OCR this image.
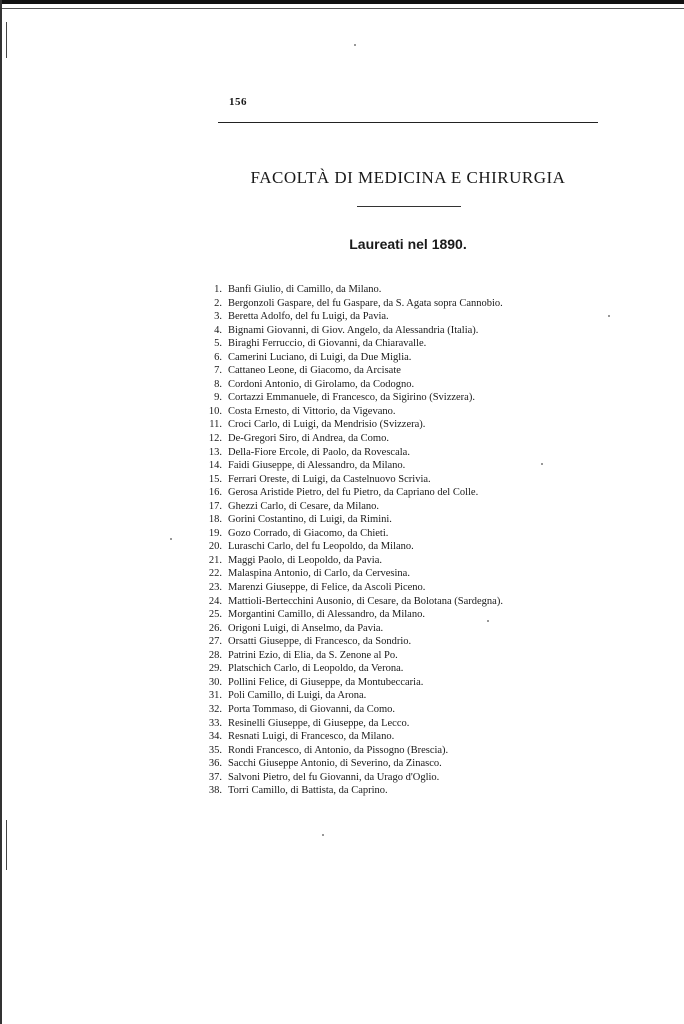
156
FACOLTÀ DI MEDICINA E CHIRURGIA
Laureati nel 1890.
1. Banfi Giulio, di Camillo, da Milano.
2. Bergonzoli Gaspare, del fu Gaspare, da S. Agata sopra Cannobio.
3. Beretta Adolfo, del fu Luigi, da Pavia.
4. Bignami Giovanni, di Giov. Angelo, da Alessandria (Italia).
5. Biraghi Ferruccio, di Giovanni, da Chiaravalle.
6. Camerini Luciano, di Luigi, da Due Miglia.
7. Cattaneo Leone, di Giacomo, da Arcisate
8. Cordoni Antonio, di Girolamo, da Codogno.
9. Cortazzi Emmanuele, di Francesco, da Sigirino (Svizzera).
10. Costa Ernesto, di Vittorio, da Vigevano.
11. Croci Carlo, di Luigi, da Mendrisio (Svizzera).
12. De-Gregori Siro, di Andrea, da Como.
13. Della-Fiore Ercole, di Paolo, da Rovescala.
14. Faidi Giuseppe, di Alessandro, da Milano.
15. Ferrari Oreste, di Luigi, da Castelnuovo Scrivia.
16. Gerosa Aristide Pietro, del fu Pietro, da Capriano del Colle.
17. Ghezzi Carlo, di Cesare, da Milano.
18. Gorini Costantino, di Luigi, da Rimini.
19. Gozo Corrado, di Giacomo, da Chieti.
20. Luraschi Carlo, del fu Leopoldo, da Milano.
21. Maggi Paolo, di Leopoldo, da Pavia.
22. Malaspina Antonio, di Carlo, da Cervesina.
23. Marenzi Giuseppe, di Felice, da Ascoli Piceno.
24. Mattioli-Bertecchini Ausonio, di Cesare, da Bolotana (Sardegna).
25. Morgantini Camillo, di Alessandro, da Milano.
26. Origoni Luigi, di Anselmo, da Pavia.
27. Orsatti Giuseppe, di Francesco, da Sondrio.
28. Patrini Ezio, di Elia, da S. Zenone al Po.
29. Platschich Carlo, di Leopoldo, da Verona.
30. Pollini Felice, di Giuseppe, da Montubeccaria.
31. Poli Camillo, di Luigi, da Arona.
32. Porta Tommaso, di Giovanni, da Como.
33. Resinelli Giuseppe, di Giuseppe, da Lecco.
34. Resnati Luigi, di Francesco, da Milano.
35. Rondi Francesco, di Antonio, da Pissogno (Brescia).
36. Sacchi Giuseppe Antonio, di Severino, da Zinasco.
37. Salvoni Pietro, del fu Giovanni, da Urago d'Oglio.
38. Torri Camillo, di Battista, da Caprino.
